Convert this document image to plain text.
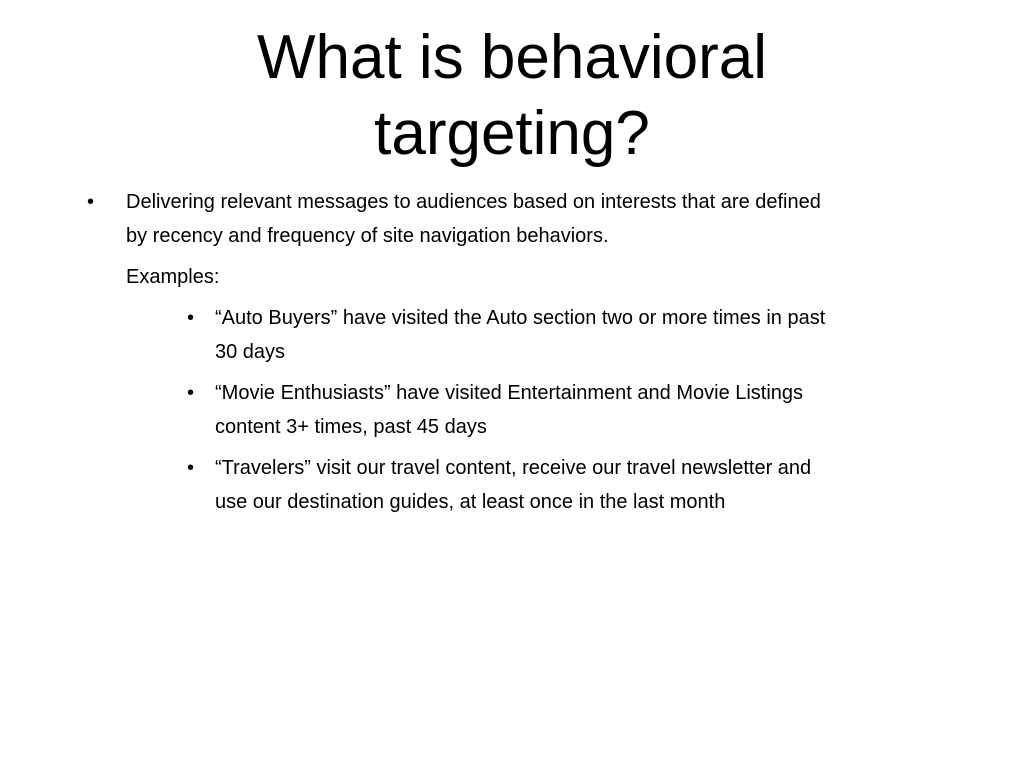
What is behavioral
targeting?
• Delivering relevant messages to audiences based on interests that are defined
by recency and frequency of site navigation behaviors.
Examples:
• “Auto Buyers” have visited the Auto section two or more times in past
30 days
• “Movie Enthusiasts” have visited Entertainment and Movie Listings
content 3+ times, past 45 days
• “Travelers” visit our travel content, receive our travel newsletter and
use our destination guides, at least once in the last month
